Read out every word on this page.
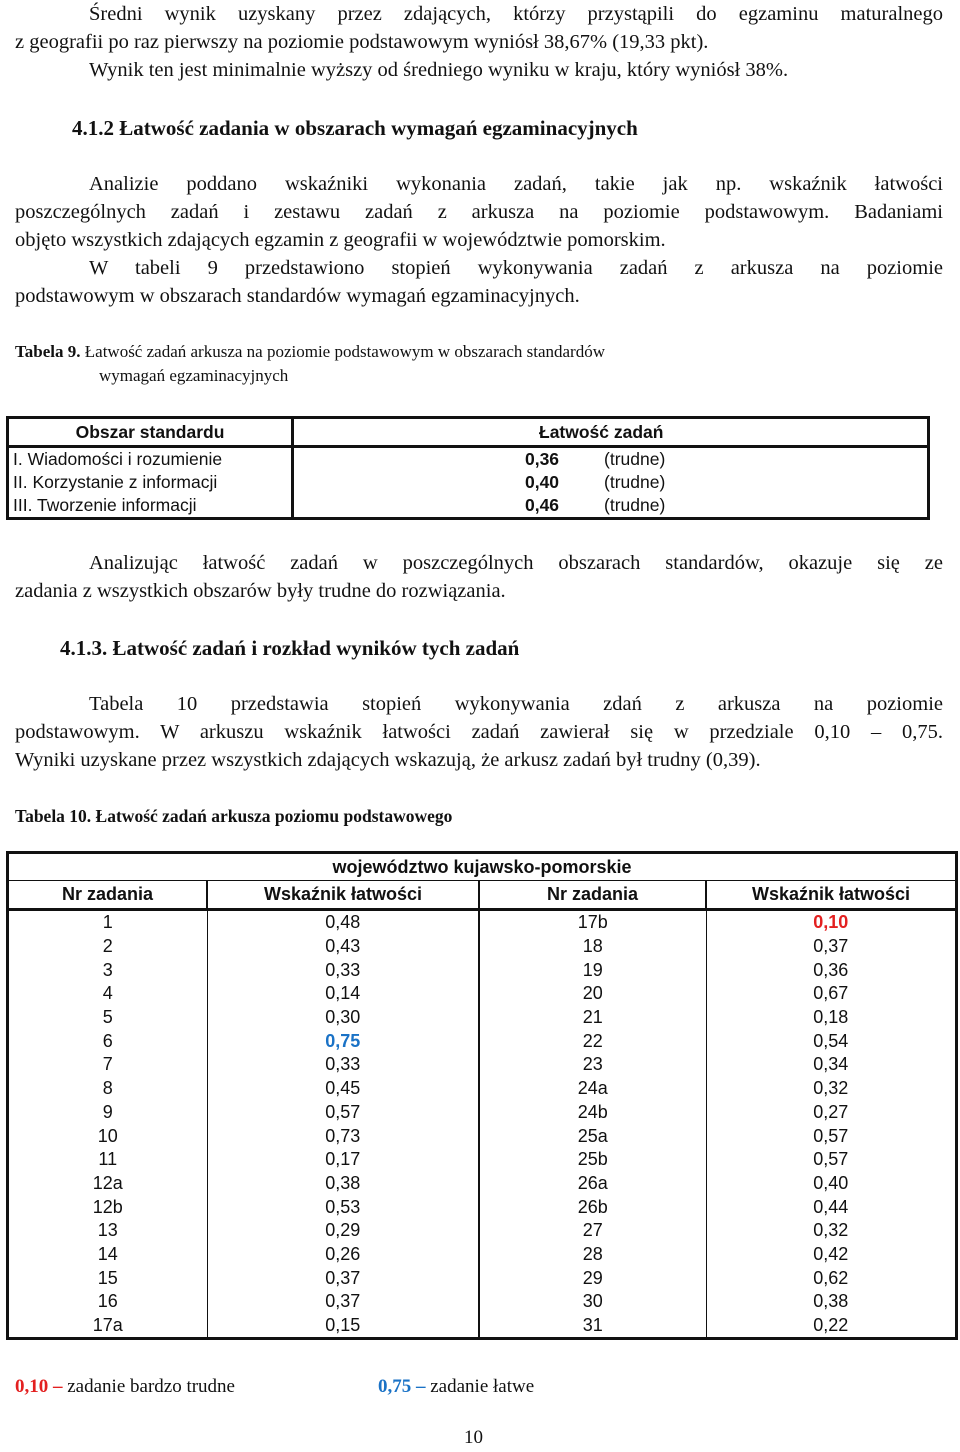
Średni wynik uzyskany przez zdających, którzy przystąpili do egzaminu maturalnego
z geografii po raz pierwszy na poziomie podstawowym wyniósł 38,67% (19,33 pkt).
Wynik ten jest minimalnie wyższy od średniego wyniku w kraju, który wyniósł 38%.
4.1.2 Łatwość zadania w obszarach wymagań egzaminacyjnych
Analizie poddano wskaźniki wykonania zadań, takie jak np. wskaźnik łatwości
poszczególnych zadań i zestawu zadań z arkusza na poziomie podstawowym. Badaniami
objęto wszystkich zdających egzamin z geografii w województwie pomorskim.
W tabeli 9 przedstawiono stopień wykonywania zadań z arkusza na poziomie
podstawowym w obszarach standardów wymagań egzaminacyjnych.
Tabela 9. Łatwość zadań arkusza na poziomie podstawowym w obszarach standardów
wymagań egzaminacyjnych
Obszar standardu	Łatwość zadań
I. Wiadomości i rozumienie	0,36 (trudne)
II. Korzystanie z informacji	0,40 (trudne)
III. Tworzenie informacji	0,46 (trudne)
Analizując łatwość zadań w poszczególnych obszarach standardów, okazuje się ze
zadania z wszystkich obszarów były trudne do rozwiązania.
4.1.3. Łatwość zadań i rozkład wyników tych zadań
Tabela 10 przedstawia stopień wykonywania zdań z arkusza na poziomie
podstawowym. W arkuszu wskaźnik łatwości zadań zawierał się w przedziale 0,10 – 0,75.
Wyniki uzyskane przez wszystkich zdających wskazują, że arkusz zadań był trudny (0,39).
Tabela 10. Łatwość zadań arkusza poziomu podstawowego
województwo kujawsko-pomorskie			
Nr zadania	Wskaźnik łatwości	Nr zadania	Wskaźnik łatwości
1	0,48	17b	0,10
2	0,43	18	0,37
3	0,33	19	0,36
4	0,14	20	0,67
5	0,30	21	0,18
6	0,75	22	0,54
7	0,33	23	0,34
8	0,45	24a	0,32
9	0,57	24b	0,27
10	0,73	25a	0,57
11	0,17	25b	0,57
12a	0,38	26a	0,40
12b	0,53	26b	0,44
13	0,29	27	0,32
14	0,26	28	0,42
15	0,37	29	0,62
16	0,37	30	0,38
17a	0,15	31	0,22
0,10 – zadanie bardzo trudne	0,75 – zadanie łatwe
10
